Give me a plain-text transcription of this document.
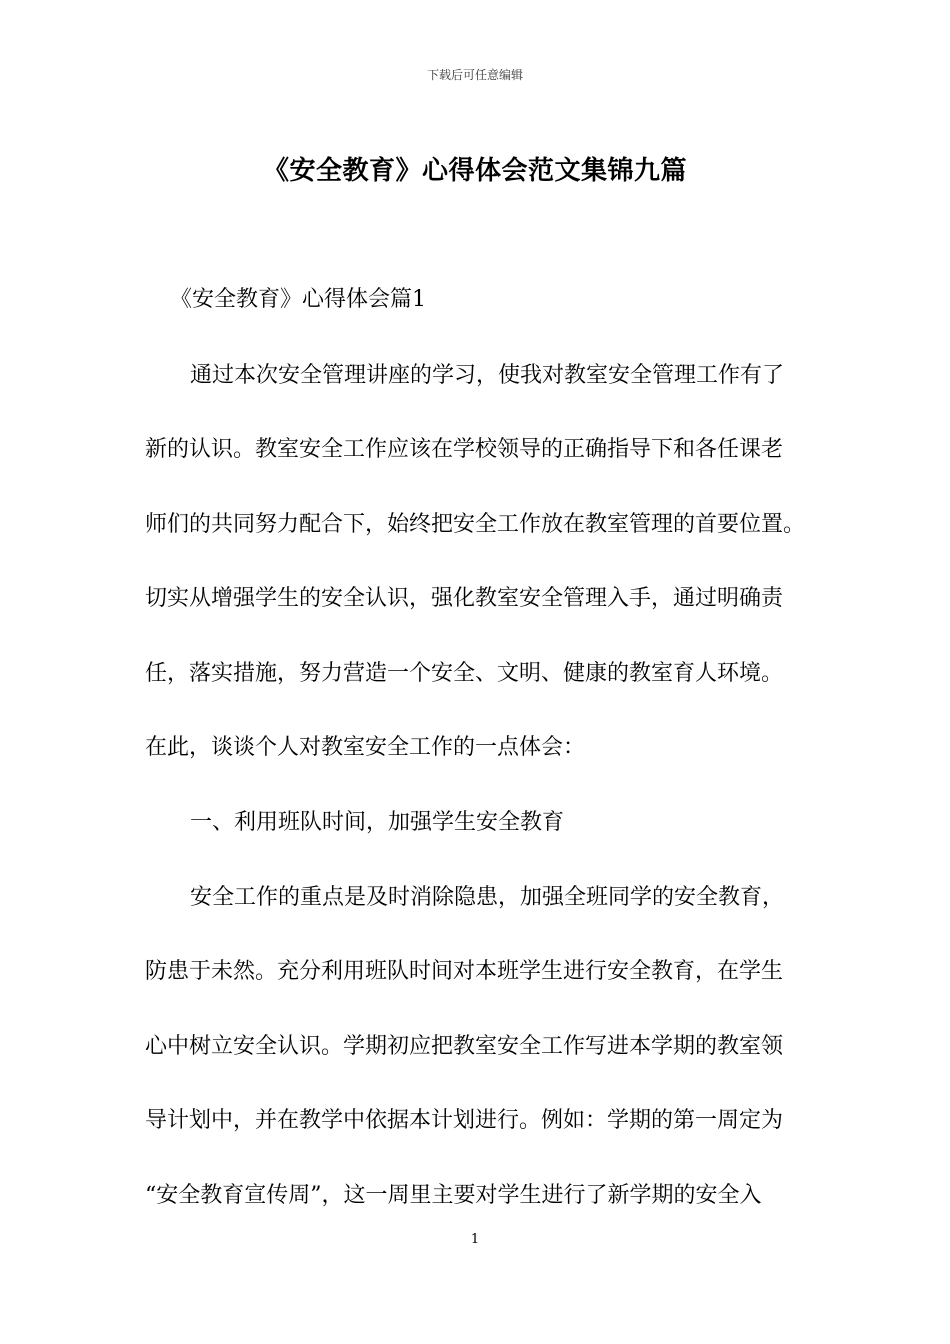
下载后可任意编辑
《安全教育》心得体会范文集锦九篇
《安全教育》心得体会篇1
通过本次安全管理讲座的学习，使我对教室安全管理工作有了
新的认识。教室安全工作应该在学校领导的正确指导下和各任课老
师们的共同努力配合下，始终把安全工作放在教室管理的首要位置。
切实从增强学生的安全认识，强化教室安全管理入手，通过明确责
任，落实措施，努力营造一个安全、文明、健康的教室育人环境。
在此，谈谈个人对教室安全工作的一点体会：
一、利用班队时间，加强学生安全教育
安全工作的重点是及时消除隐患，加强全班同学的安全教育，
防患于未然。充分利用班队时间对本班学生进行安全教育，在学生
心中树立安全认识。学期初应把教室安全工作写进本学期的教室领
导计划中，并在教学中依据本计划进行。例如：学期的第一周定为
“安全教育宣传周”，这一周里主要对学生进行了新学期的安全入
1
